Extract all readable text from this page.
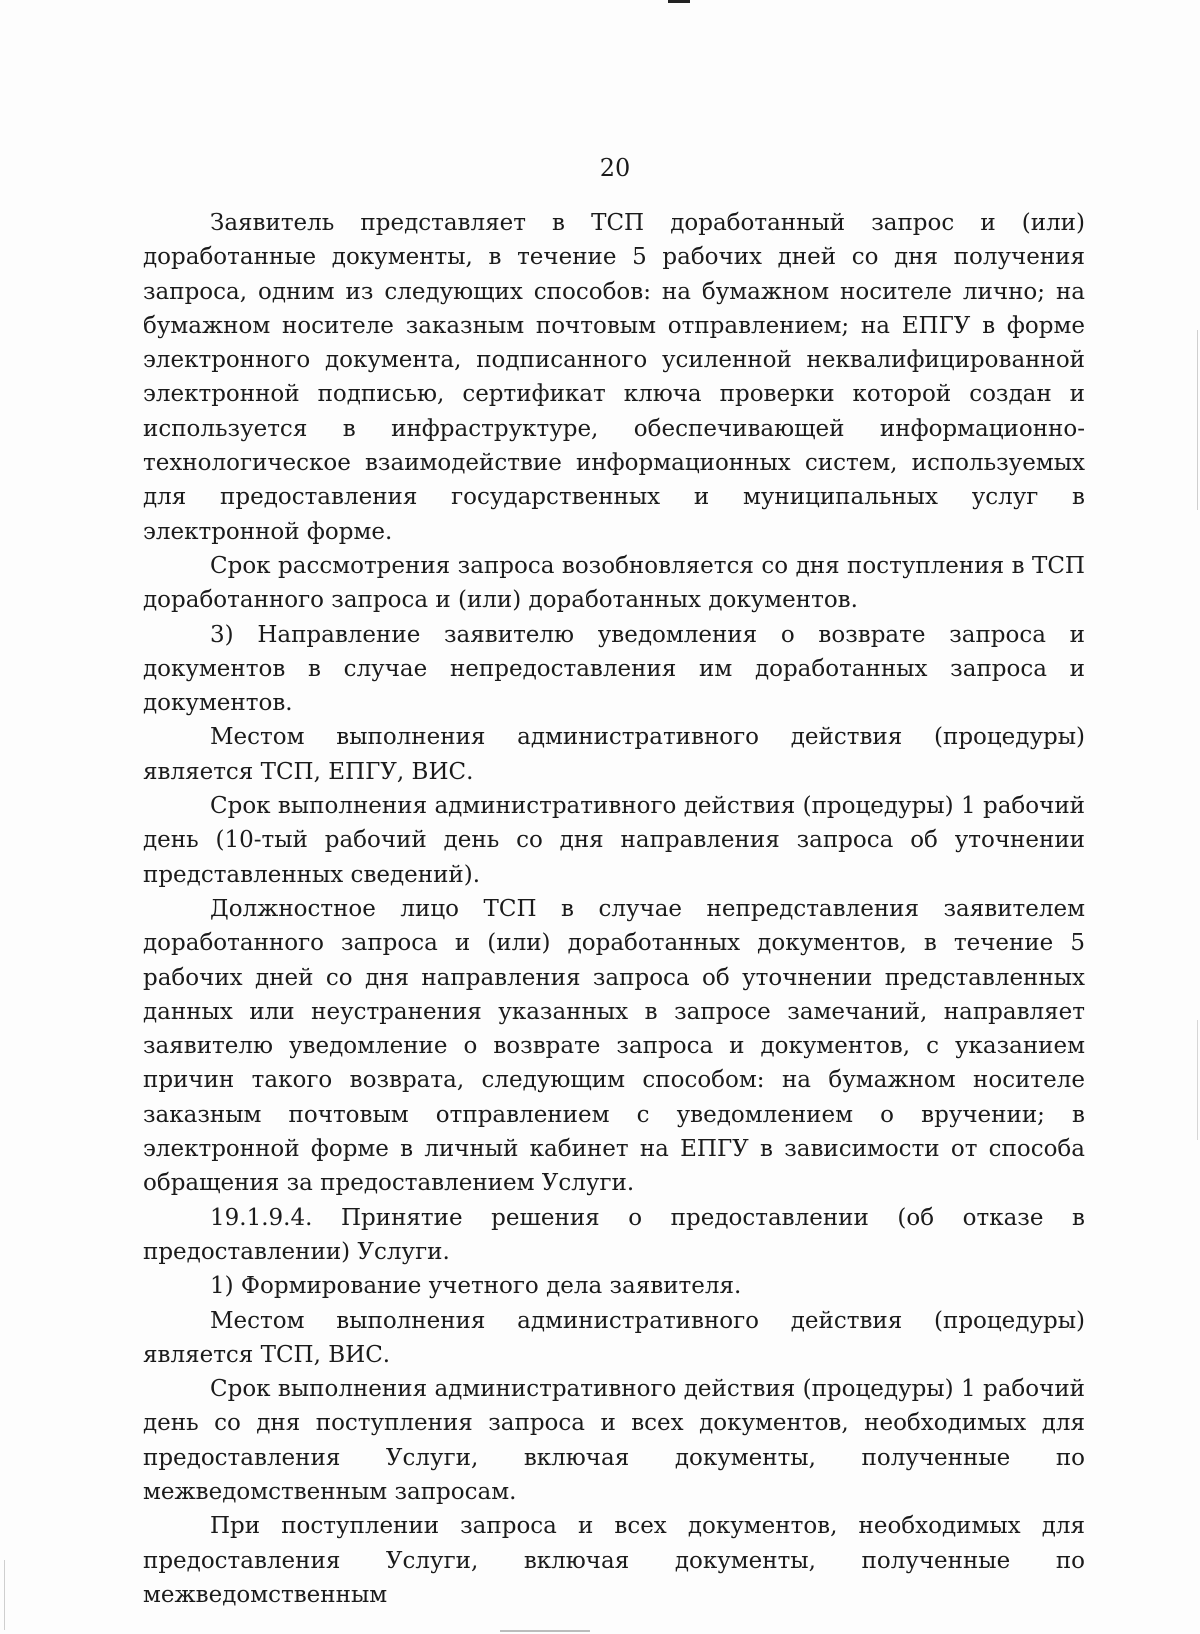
20

Заявитель представляет в ТСП доработанный запрос и (или) доработанные документы, в течение 5 рабочих дней со дня получения запроса, одним из следующих способов: на бумажном носителе лично; на бумажном носителе заказным почтовым отправлением; на ЕПГУ в форме электронного документа, подписанного усиленной неквалифицированной электронной подписью, сертификат ключа проверки которой создан и используется в инфраструктуре, обеспечивающей информационно-технологическое взаимодействие информационных систем, используемых для предоставления государственных и муниципальных услуг в электронной форме.

Срок рассмотрения запроса возобновляется со дня поступления в ТСП доработанного запроса и (или) доработанных документов.

3) Направление заявителю уведомления о возврате запроса и документов в случае непредоставления им доработанных запроса и документов.

Местом выполнения административного действия (процедуры) является ТСП, ЕПГУ, ВИС.

Срок выполнения административного действия (процедуры) 1 рабочий день (10-тый рабочий день со дня направления запроса об уточнении представленных сведений).

Должностное лицо ТСП в случае непредставления заявителем доработанного запроса и (или) доработанных документов, в течение 5 рабочих дней со дня направления запроса об уточнении представленных данных или неустранения указанных в запросе замечаний, направляет заявителю уведомление о возврате запроса и документов, с указанием причин такого возврата, следующим способом: на бумажном носителе заказным почтовым отправлением с уведомлением о вручении; в электронной форме в личный кабинет на ЕПГУ в зависимости от способа обращения за предоставлением Услуги.

19.1.9.4. Принятие решения о предоставлении (об отказе в предоставлении) Услуги.

1) Формирование учетного дела заявителя.

Местом выполнения административного действия (процедуры) является ТСП, ВИС.

Срок выполнения административного действия (процедуры) 1 рабочий день со дня поступления запроса и всех документов, необходимых для предоставления Услуги, включая документы, полученные по межведомственным запросам.

При поступлении запроса и всех документов, необходимых для предоставления Услуги, включая документы, полученные по межведомственным
